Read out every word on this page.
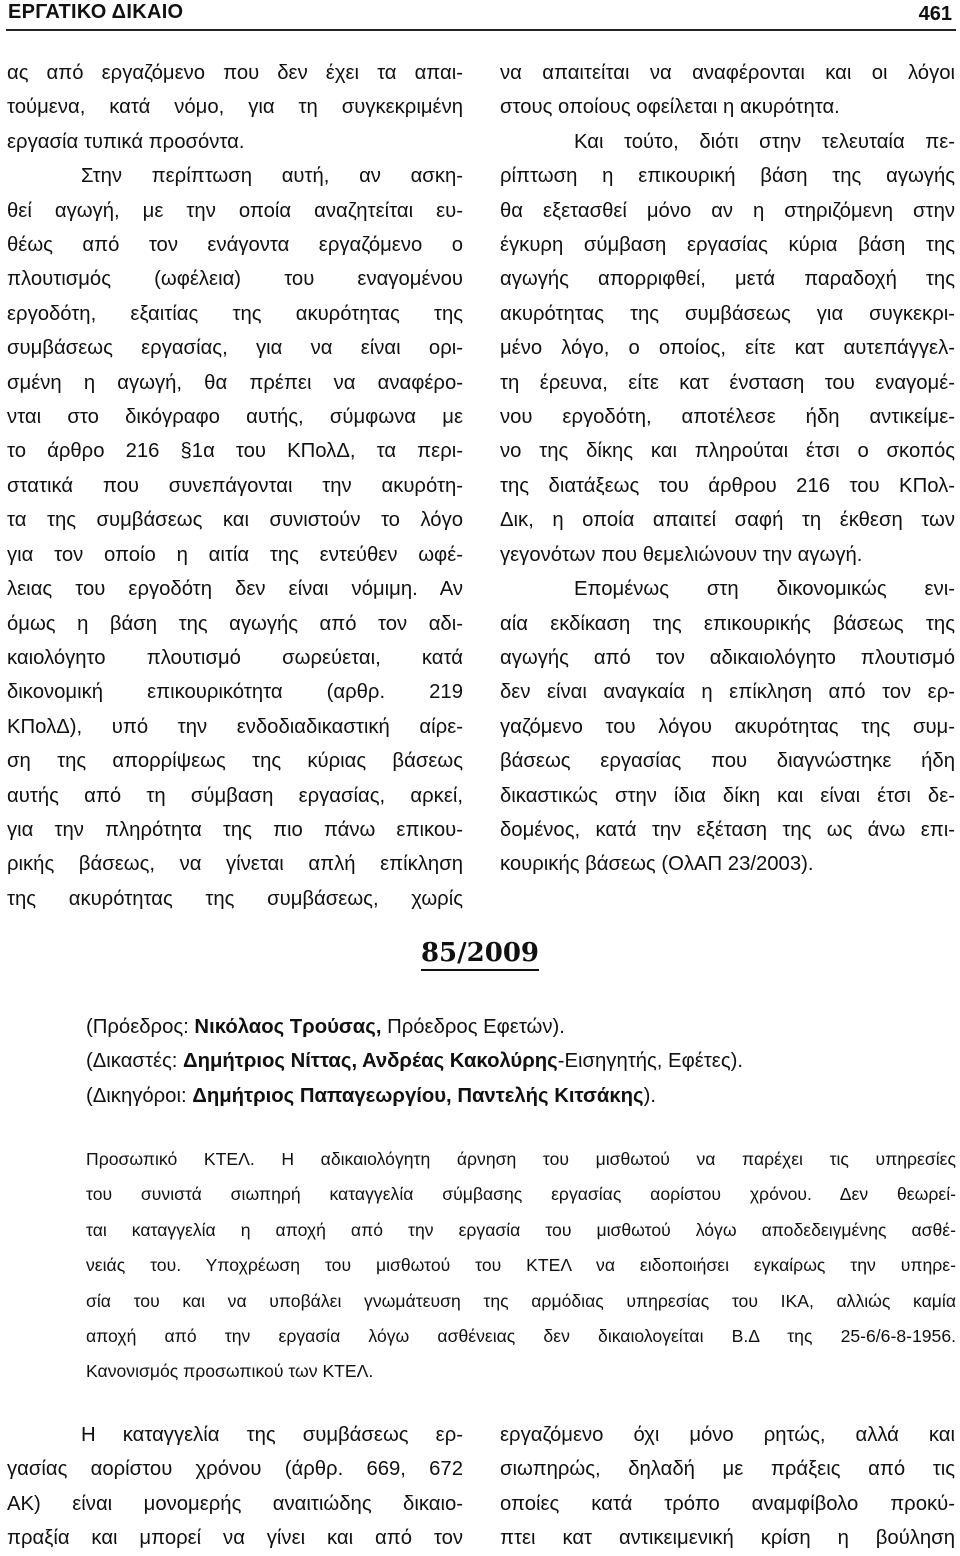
ΕΡΓΑΤΙΚΟ ΔΙΚΑΙΟ	461

ας από εργαζόμενο που δεν έχει τα απαι-
τούμενα, κατά νόμο, για τη συγκεκριμένη
εργασία τυπικά προσόντα.

Στην περίπτωση αυτή, αν ασκη-
θεί αγωγή, με την οποία αναζητείται ευ-
θέως από τον ενάγοντα εργαζόμενο ο
πλουτισμός (ωφέλεια) του εναγομένου
εργοδότη, εξαιτίας της ακυρότητας της
συμβάσεως εργασίας, για να είναι ορι-
σμένη η αγωγή, θα πρέπει να αναφέρο-
νται στο δικόγραφο αυτής, σύμφωνα με
το άρθρο 216 §1α του ΚΠολΔ, τα περι-
στατικά που συνεπάγονται την ακυρότη-
τα της συμβάσεως και συνιστούν το λόγο
για τον οποίο η αιτία της εντεύθεν ωφέ-
λειας του εργοδότη δεν είναι νόμιμη. Αν
όμως η βάση της αγωγής από τον αδι-
καιολόγητο πλουτισμό σωρεύεται, κατά
δικονομική επικουρικότητα (αρθρ. 219
ΚΠολΔ), υπό την ενδοδιαδικαστική αίρε-
ση της απορρίψεως της κύριας βάσεως
αυτής από τη σύμβαση εργασίας, αρκεί,
για την πληρότητα της πιο πάνω επικου-
ρικής βάσεως, να γίνεται απλή επίκληση
της ακυρότητας της συμβάσεως, χωρίς

να απαιτείται να αναφέρονται και οι λόγοι
στους οποίους οφείλεται η ακυρότητα.

Και τούτο, διότι στην τελευταία πε-
ρίπτωση η επικουρική βάση της αγωγής
θα εξετασθεί μόνο αν η στηριζόμενη στην
έγκυρη σύμβαση εργασίας κύρια βάση της
αγωγής απορριφθεί, μετά παραδοχή της
ακυρότητας της συμβάσεως για συγκεκρι-
μένο λόγο, ο οποίος, είτε κατ αυτεπάγγελ-
τη έρευνα, είτε κατ ένσταση του εναγομέ-
νου εργοδότη, αποτέλεσε ήδη αντικείμε-
νο της δίκης και πληρούται έτσι ο σκοπός
της διατάξεως του άρθρου 216 του ΚΠολ-
Δικ, η οποία απαιτεί σαφή τη έκθεση των
γεγονότων που θεμελιώνουν την αγωγή.

Επομένως στη δικονομικώς ενι-
αία εκδίκαση της επικουρικής βάσεως της
αγωγής από τον αδικαιολόγητο πλουτισμό
δεν είναι αναγκαία η επίκληση από τον ερ-
γαζόμενο του λόγου ακυρότητας της συμ-
βάσεως εργασίας που διαγνώστηκε ήδη
δικαστικώς στην ίδια δίκη και είναι έτσι δε-
δομένος, κατά την εξέταση της ως άνω επι-
κουρικής βάσεως (ΟλΑΠ 23/2003).

85/2009
(Πρόεδρος: Νικόλαος Τρούσας, Πρόεδρος Εφετών).
(Δικαστές: Δημήτριος Νίττας, Ανδρέας Κακολύρης-Εισηγητής, Εφέτες).
(Δικηγόροι: Δημήτριος Παπαγεωργίου, Παντελής Κιτσάκης).
Προσωπικό ΚΤΕΛ. Η αδικαιολόγητη άρνηση του μισθωτού να παρέχει τις υπηρεσίες
του συνιστά σιωπηρή καταγγελία σύμβασης εργασίας αορίστου χρόνου. Δεν θεωρεί-
ται καταγγελία η αποχή από την εργασία του μισθωτού λόγω αποδεδειγμένης ασθέ-
νειάς του. Υποχρέωση του μισθωτού του ΚΤΕΛ να ειδοποιήσει εγκαίρως την υπηρε-
σία του και να υποβάλει γνωμάτευση της αρμόδιας υπηρεσίας του ΙΚΑ, αλλιώς καμία
αποχή από την εργασία λόγω ασθένειας δεν δικαιολογείται Β.Δ της 25-6/6-8-1956.
Κανονισμός προσωπικού των ΚΤΕΛ.

Η καταγγελία της συμβάσεως ερ-
γασίας αορίστου χρόνου (άρθρ. 669, 672
ΑΚ) είναι μονομερής αναιτιώδης δικαιο-
πραξία και μπορεί να γίνει και από τον

εργαζόμενο όχι μόνο ρητώς, αλλά και
σιωπηρώς, δηλαδή με πράξεις από τις
οποίες κατά τρόπο αναμφίβολο προκύ-
πτει κατ αντικειμενική κρίση η βούληση
